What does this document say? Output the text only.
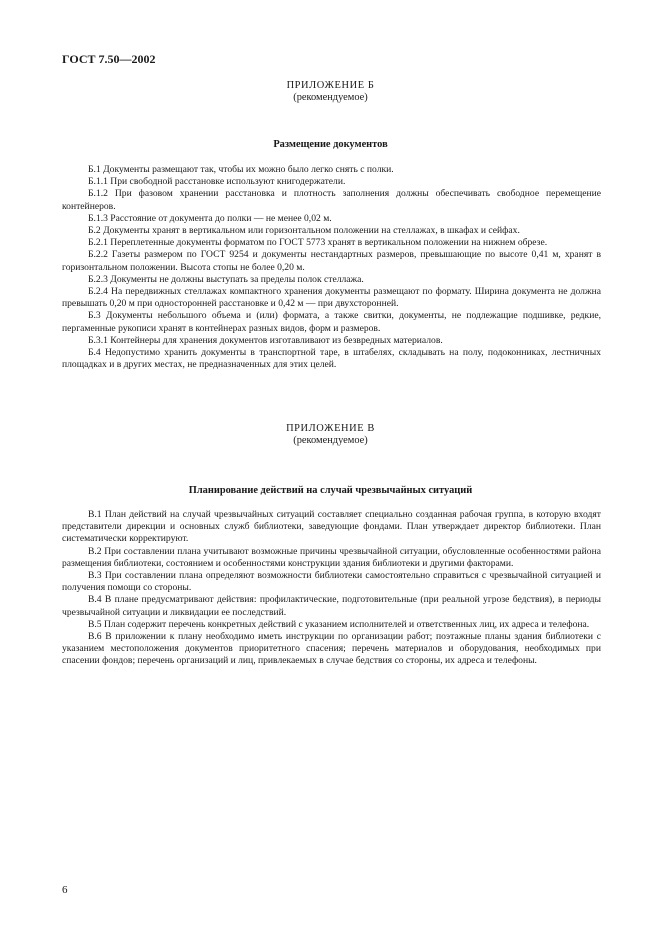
ГОСТ 7.50—2002
ПРИЛОЖЕНИЕ Б
(рекомендуемое)
Размещение документов

Б.1 Документы размещают так, чтобы их можно было легко снять с полки.

Б.1.1 При свободной расстановке используют книгодержатели.

Б.1.2 При фазовом хранении расстановка и плотность заполнения должны обеспечивать свободное перемещение контейнеров.

Б.1.3 Расстояние от документа до полки — не менее 0,02 м.

Б.2 Документы хранят в вертикальном или горизонтальном положении на стеллажах, в шкафах и сейфах.

Б.2.1 Переплетенные документы форматом по ГОСТ 5773 хранят в вертикальном положении на нижнем обрезе.

Б.2.2 Газеты размером по ГОСТ 9254 и документы нестандартных размеров, превышающие по высоте 0,41 м, хранят в горизонтальном положении. Высота стопы не более 0,20 м.

Б.2.3 Документы не должны выступать за пределы полок стеллажа.

Б.2.4 На передвижных стеллажах компактного хранения документы размещают по формату. Ширина документа не должна превышать 0,20 м при односторонней расстановке и 0,42 м — при двухсторонней.

Б.3 Документы небольшого объема и (или) формата, а также свитки, документы, не подлежащие подшивке, редкие, пергаменные рукописи хранят в контейнерах разных видов, форм и размеров.

Б.3.1 Контейнеры для хранения документов изготавливают из безвредных материалов.

Б.4 Недопустимо хранить документы в транспортной таре, в штабелях, складывать на полу, подоконниках, лестничных площадках и в других местах, не предназначенных для этих целей.

ПРИЛОЖЕНИЕ В
(рекомендуемое)
Планирование действий на случай чрезвычайных ситуаций

В.1 План действий на случай чрезвычайных ситуаций составляет специально созданная рабочая группа, в которую входят представители дирекции и основных служб библиотеки, заведующие фондами. План утверждает директор библиотеки. План систематически корректируют.

В.2 При составлении плана учитывают возможные причины чрезвычайной ситуации, обусловленные особенностями района размещения библиотеки, состоянием и особенностями конструкции здания библиотеки и другими факторами.

В.3 При составлении плана определяют возможности библиотеки самостоятельно справиться с чрезвычайной ситуацией и получения помощи со стороны.

В.4 В плане предусматривают действия: профилактические, подготовительные (при реальной угрозе бедствия), в периоды чрезвычайной ситуации и ликвидации ее последствий.

В.5 План содержит перечень конкретных действий с указанием исполнителей и ответственных лиц, их адреса и телефона.

В.6 В приложении к плану необходимо иметь инструкции по организации работ; поэтажные планы здания библиотеки с указанием местоположения документов приоритетного спасения; перечень материалов и оборудования, необходимых при спасении фондов; перечень организаций и лиц, привлекаемых в случае бедствия со стороны, их адреса и телефоны.

6
